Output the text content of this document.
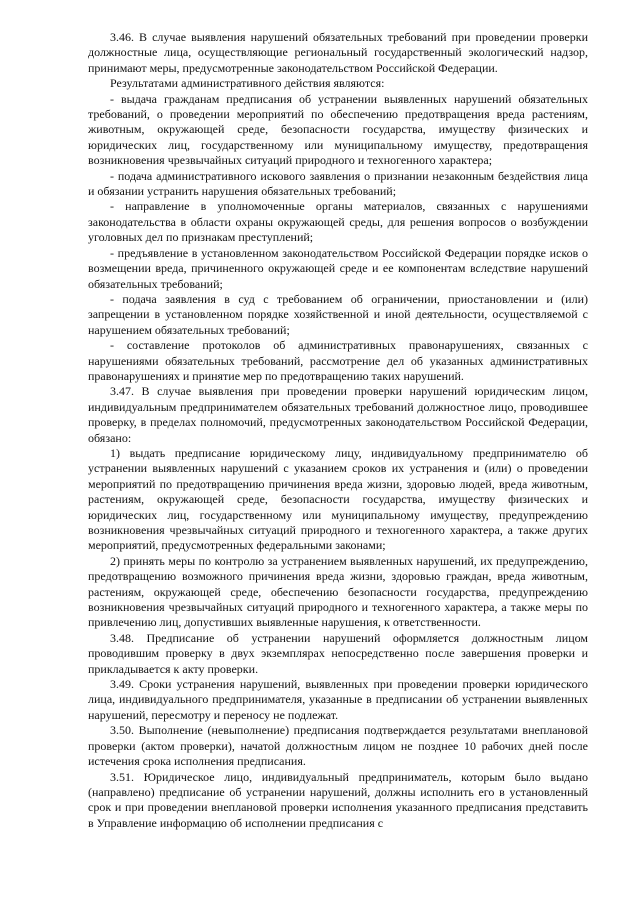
3.46. В случае выявления нарушений обязательных требований при проведении проверки должностные лица, осуществляющие региональный государственный экологический надзор, принимают меры, предусмотренные законодательством Российской Федерации.

Результатами административного действия являются:

- выдача гражданам предписания об устранении выявленных нарушений обязательных требований, о проведении мероприятий по обеспечению предотвращения вреда растениям, животным, окружающей среде, безопасности государства, имуществу физических и юридических лиц, государственному или муниципальному имуществу, предотвращения возникновения чрезвычайных ситуаций природного и техногенного характера;

- подача административного искового заявления о признании незаконным бездействия лица и обязании устранить нарушения обязательных требований;

- направление в уполномоченные органы материалов, связанных с нарушениями законодательства в области охраны окружающей среды, для решения вопросов о возбуждении уголовных дел по признакам преступлений;

- предъявление в установленном законодательством Российской Федерации порядке исков о возмещении вреда, причиненного окружающей среде и ее компонентам вследствие нарушений обязательных требований;

- подача заявления в суд с требованием об ограничении, приостановлении и (или) запрещении в установленном порядке хозяйственной и иной деятельности, осуществляемой с нарушением обязательных требований;

- составление протоколов об административных правонарушениях, связанных с нарушениями обязательных требований, рассмотрение дел об указанных административных правонарушениях и принятие мер по предотвращению таких нарушений.

3.47. В случае выявления при проведении проверки нарушений юридическим лицом, индивидуальным предпринимателем обязательных требований должностное лицо, проводившее проверку, в пределах полномочий, предусмотренных законодательством Российской Федерации, обязано:

1) выдать предписание юридическому лицу, индивидуальному предпринимателю об устранении выявленных нарушений с указанием сроков их устранения и (или) о проведении мероприятий по предотвращению причинения вреда жизни, здоровью людей, вреда животным, растениям, окружающей среде, безопасности государства, имуществу физических и юридических лиц, государственному или муниципальному имуществу, предупреждению возникновения чрезвычайных ситуаций природного и техногенного характера, а также других мероприятий, предусмотренных федеральными законами;

2) принять меры по контролю за устранением выявленных нарушений, их предупреждению, предотвращению возможного причинения вреда жизни, здоровью граждан, вреда животным, растениям, окружающей среде, обеспечению безопасности государства, предупреждению возникновения чрезвычайных ситуаций природного и техногенного характера, а также меры по привлечению лиц, допустивших выявленные нарушения, к ответственности.

3.48. Предписание об устранении нарушений оформляется должностным лицом проводившим проверку в двух экземплярах непосредственно после завершения проверки и прикладывается к акту проверки.

3.49. Сроки устранения нарушений, выявленных при проведении проверки юридического лица, индивидуального предпринимателя, указанные в предписании об устранении выявленных нарушений, пересмотру и переносу не подлежат.

3.50. Выполнение (невыполнение) предписания подтверждается результатами внеплановой проверки (актом проверки), начатой должностным лицом не позднее 10 рабочих дней после истечения срока исполнения предписания.

3.51. Юридическое лицо, индивидуальный предприниматель, которым было выдано (направлено) предписание об устранении нарушений, должны исполнить его в установленный срок и при проведении внеплановой проверки исполнения указанного предписания представить в Управление информацию об исполнении предписания с
